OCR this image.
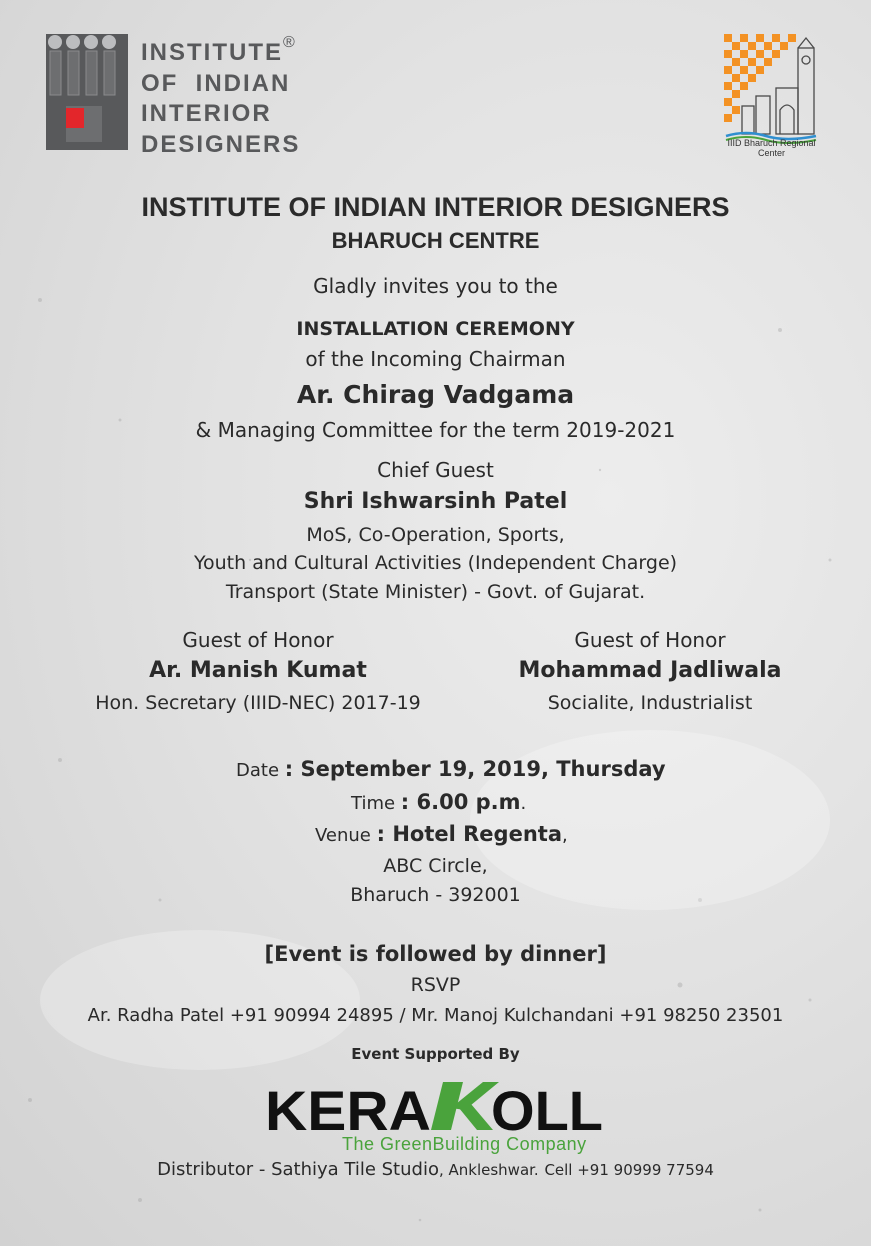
INSTITUTE®
OF  INDIAN
INTERIOR
DESIGNERS	IIID Bharuch Regional Center
INSTITUTE OF INDIAN INTERIOR DESIGNERS
BHARUCH CENTRE
Gladly invites you to the
INSTALLATION CEREMONY
of the Incoming Chairman
Ar. Chirag Vadgama
& Managing Committee for the term 2019-2021
Chief Guest
Shri Ishwarsinh Patel
MoS, Co-Operation, Sports,
Youth and Cultural Activities (Independent Charge)
Transport (State Minister) - Govt. of Gujarat.
Guest of Honor
Ar. Manish Kumat
Hon. Secretary (IIID-NEC) 2017-19
Guest of Honor
Mohammad Jadliwala
Socialite, Industrialist
Date : September 19, 2019, Thursday
Time : 6.00 p.m.
Venue : Hotel Regenta,
ABC Circle,
Bharuch - 392001
[Event is followed by dinner]
RSVP
Ar. Radha Patel +91 90994 24895 / Mr. Manoj Kulchandani +91 98250 23501
Event Supported By
KERA OLL
The GreenBuilding Company
Distributor - Sathiya Tile Studio, Ankleshwar. Cell +91 90999 77594
